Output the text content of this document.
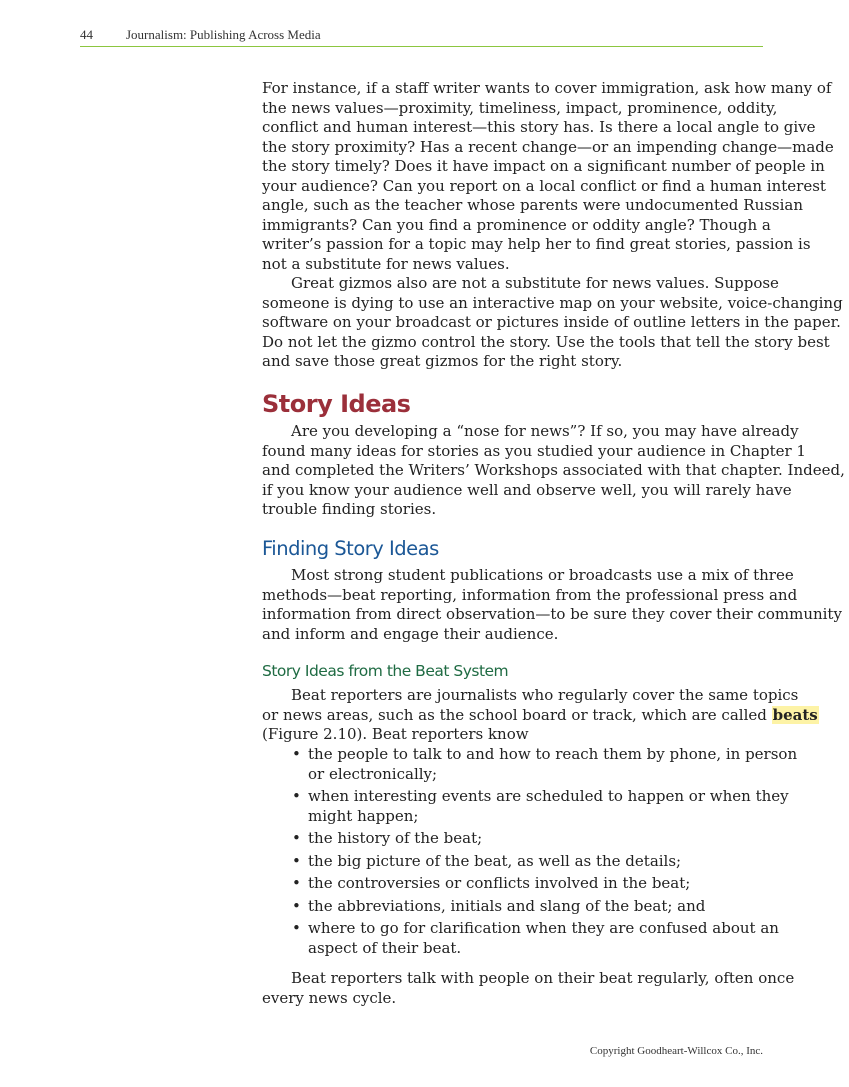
44	Journalism: Publishing Across Media
For instance, if a staff writer wants to cover immigration, ask how many of
the news values—proximity, timeliness, impact, prominence, oddity,
conflict and human interest—this story has. Is there a local angle to give
the story proximity? Has a recent change—or an impending change—made
the story timely? Does it have impact on a significant number of people in
your audience? Can you report on a local conflict or find a human interest
angle, such as the teacher whose parents were undocumented Russian
immigrants? Can you find a prominence or oddity angle? Though a
writer’s passion for a topic may help her to find great stories, passion is
not a substitute for news values.
Great gizmos also are not a substitute for news values. Suppose
someone is dying to use an interactive map on your website, voice-changing
software on your broadcast or pictures inside of outline letters in the paper.
Do not let the gizmo control the story. Use the tools that tell the story best
and save those great gizmos for the right story.
Story Ideas
Are you developing a “nose for news”? If so, you may have already
found many ideas for stories as you studied your audience in Chapter 1
and completed the Writers’ Workshops associated with that chapter. Indeed,
if you know your audience well and observe well, you will rarely have
trouble finding stories.
Finding Story Ideas
Most strong student publications or broadcasts use a mix of three
methods—beat reporting, information from the professional press and
information from direct observation—to be sure they cover their community
and inform and engage their audience.
Story Ideas from the Beat System
Beat reporters are journalists who regularly cover the same topics
or news areas, such as the school board or track, which are called beats
(Figure 2.10). Beat reporters know
• the people to talk to and how to reach them by phone, in person
or electronically;
• when interesting events are scheduled to happen or when they
might happen;
• the history of the beat;
• the big picture of the beat, as well as the details;
• the controversies or conflicts involved in the beat;
• the abbreviations, initials and slang of the beat; and
• where to go for clarification when they are confused about an
aspect of their beat.
Beat reporters talk with people on their beat regularly, often once
every news cycle.
Copyright Goodheart-Willcox Co., Inc.
